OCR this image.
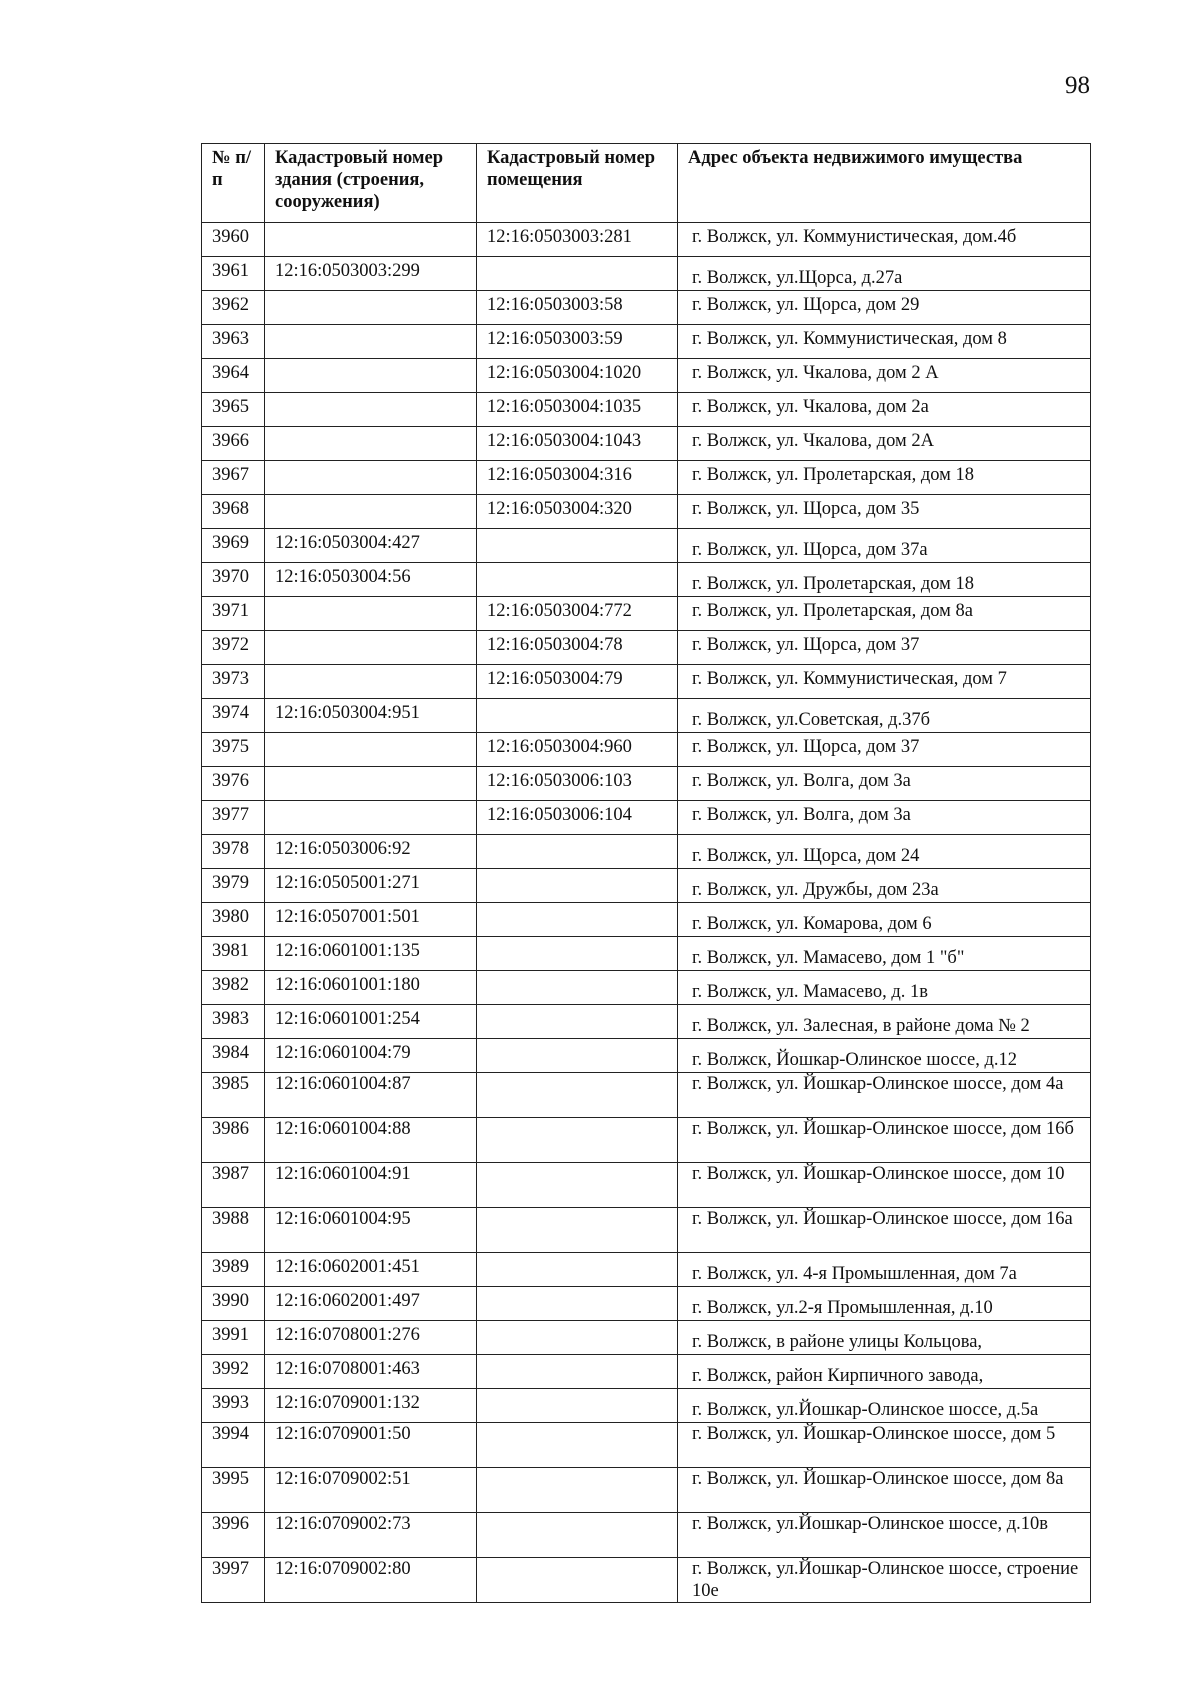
98
№ п/п	Кадастровый номер здания (строения, сооружения)	Кадастровый номер помещения	Адрес объекта недвижимого имущества
3960		12:16:0503003:281	г. Волжск, ул. Коммунистическая, дом.4б

3961	12:16:0503003:299		г. Волжск, ул.Щорса, д.27а

3962		12:16:0503003:58	г. Волжск, ул. Щорса, дом 29

3963		12:16:0503003:59	г. Волжск, ул. Коммунистическая, дом 8

3964		12:16:0503004:1020	г. Волжск, ул. Чкалова, дом 2 А

3965		12:16:0503004:1035	г. Волжск, ул. Чкалова, дом 2а

3966		12:16:0503004:1043	г. Волжск, ул. Чкалова, дом 2А

3967		12:16:0503004:316	г. Волжск, ул. Пролетарская, дом 18

3968		12:16:0503004:320	г. Волжск, ул. Щорса, дом 35

3969	12:16:0503004:427		г. Волжск, ул. Щорса, дом 37а

3970	12:16:0503004:56		г. Волжск, ул. Пролетарская, дом 18

3971		12:16:0503004:772	г. Волжск, ул. Пролетарская, дом 8а

3972		12:16:0503004:78	г. Волжск, ул. Щорса, дом 37

3973		12:16:0503004:79	г. Волжск, ул. Коммунистическая, дом 7

3974	12:16:0503004:951		г. Волжск, ул.Советская, д.37б

3975		12:16:0503004:960	г. Волжск, ул. Щорса, дом 37

3976		12:16:0503006:103	г. Волжск, ул. Волга, дом 3а

3977		12:16:0503006:104	г. Волжск, ул. Волга, дом 3а

3978	12:16:0503006:92		г. Волжск, ул. Щорса, дом 24

3979	12:16:0505001:271		г. Волжск, ул. Дружбы, дом 23а

3980	12:16:0507001:501		г. Волжск, ул. Комарова, дом 6

3981	12:16:0601001:135		г. Волжск, ул. Мамасево, дом 1 "б"

3982	12:16:0601001:180		г. Волжск, ул. Мамасево, д. 1в

3983	12:16:0601001:254		г. Волжск, ул. Залесная, в районе дома № 2

3984	12:16:0601004:79		г. Волжск, Йошкар-Олинское шоссе, д.12

3985	12:16:0601004:87		г. Волжск, ул. Йошкар-Олинское шоссе, дом 4а

3986	12:16:0601004:88		г. Волжск, ул. Йошкар-Олинское шоссе, дом 16б

3987	12:16:0601004:91		г. Волжск, ул. Йошкар-Олинское шоссе, дом 10

3988	12:16:0601004:95		г. Волжск, ул. Йошкар-Олинское шоссе, дом 16а

3989	12:16:0602001:451		г. Волжск, ул. 4-я Промышленная, дом 7а

3990	12:16:0602001:497		г. Волжск, ул.2-я Промышленная, д.10

3991	12:16:0708001:276		г. Волжск, в районе улицы Кольцова,

3992	12:16:0708001:463		г. Волжск, район Кирпичного завода,

3993	12:16:0709001:132		г. Волжск, ул.Йошкар-Олинское шоссе, д.5а

3994	12:16:0709001:50		г. Волжск, ул. Йошкар-Олинское шоссе, дом 5

3995	12:16:0709002:51		г. Волжск, ул. Йошкар-Олинское шоссе, дом 8а

3996	12:16:0709002:73		г. Волжск, ул.Йошкар-Олинское шоссе, д.10в

3997	12:16:0709002:80		г. Волжск, ул.Йошкар-Олинское шоссе, строение 10е
